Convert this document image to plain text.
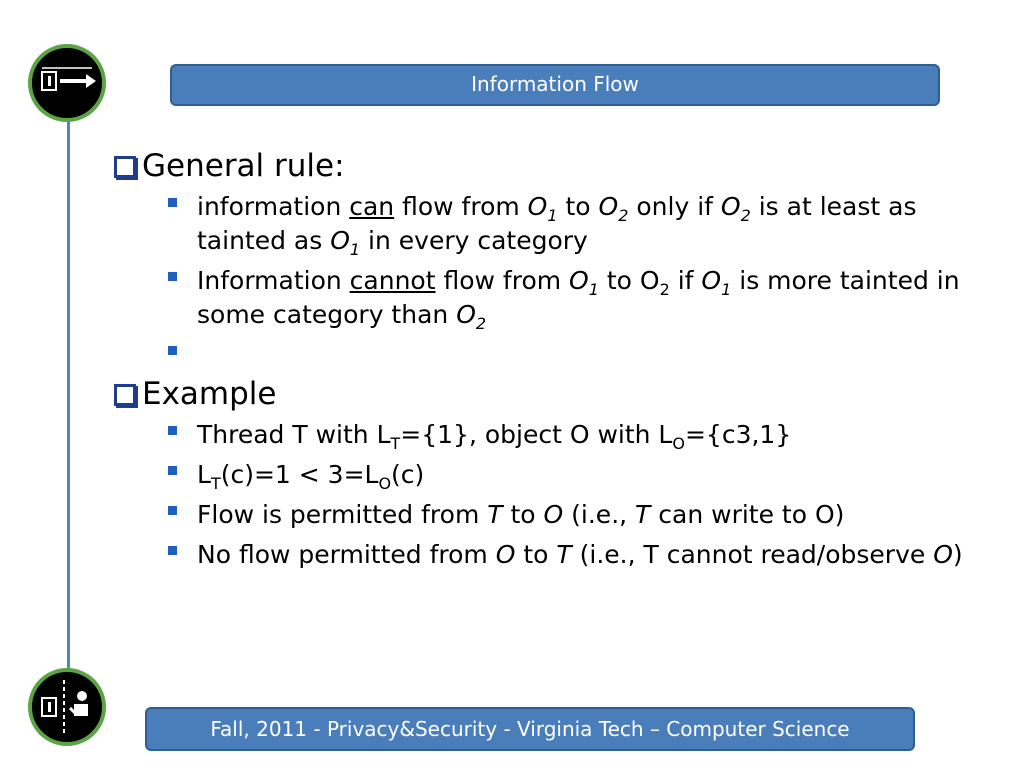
Information Flow
General rule:
information can flow from $O_1$ to $O_2$ only if $O_2$ is at least as tainted as $O_1$ in every category
Information cannot flow from $O_1$ to $O_2$ if $O_1$ is more tainted in some category than $O_2$
Example
Thread T with $L_T=\{1\}$, object O with $L_O=\{c3,1\}$
$L_T(c)=1 < 3=L_O(c)$
Flow is permitted from T to O (i.e., T can write to O)
No flow permitted from O to T (i.e., T cannot read/observe O)
Fall, 2011 - Privacy&Security - Virginia Tech – Computer Science
